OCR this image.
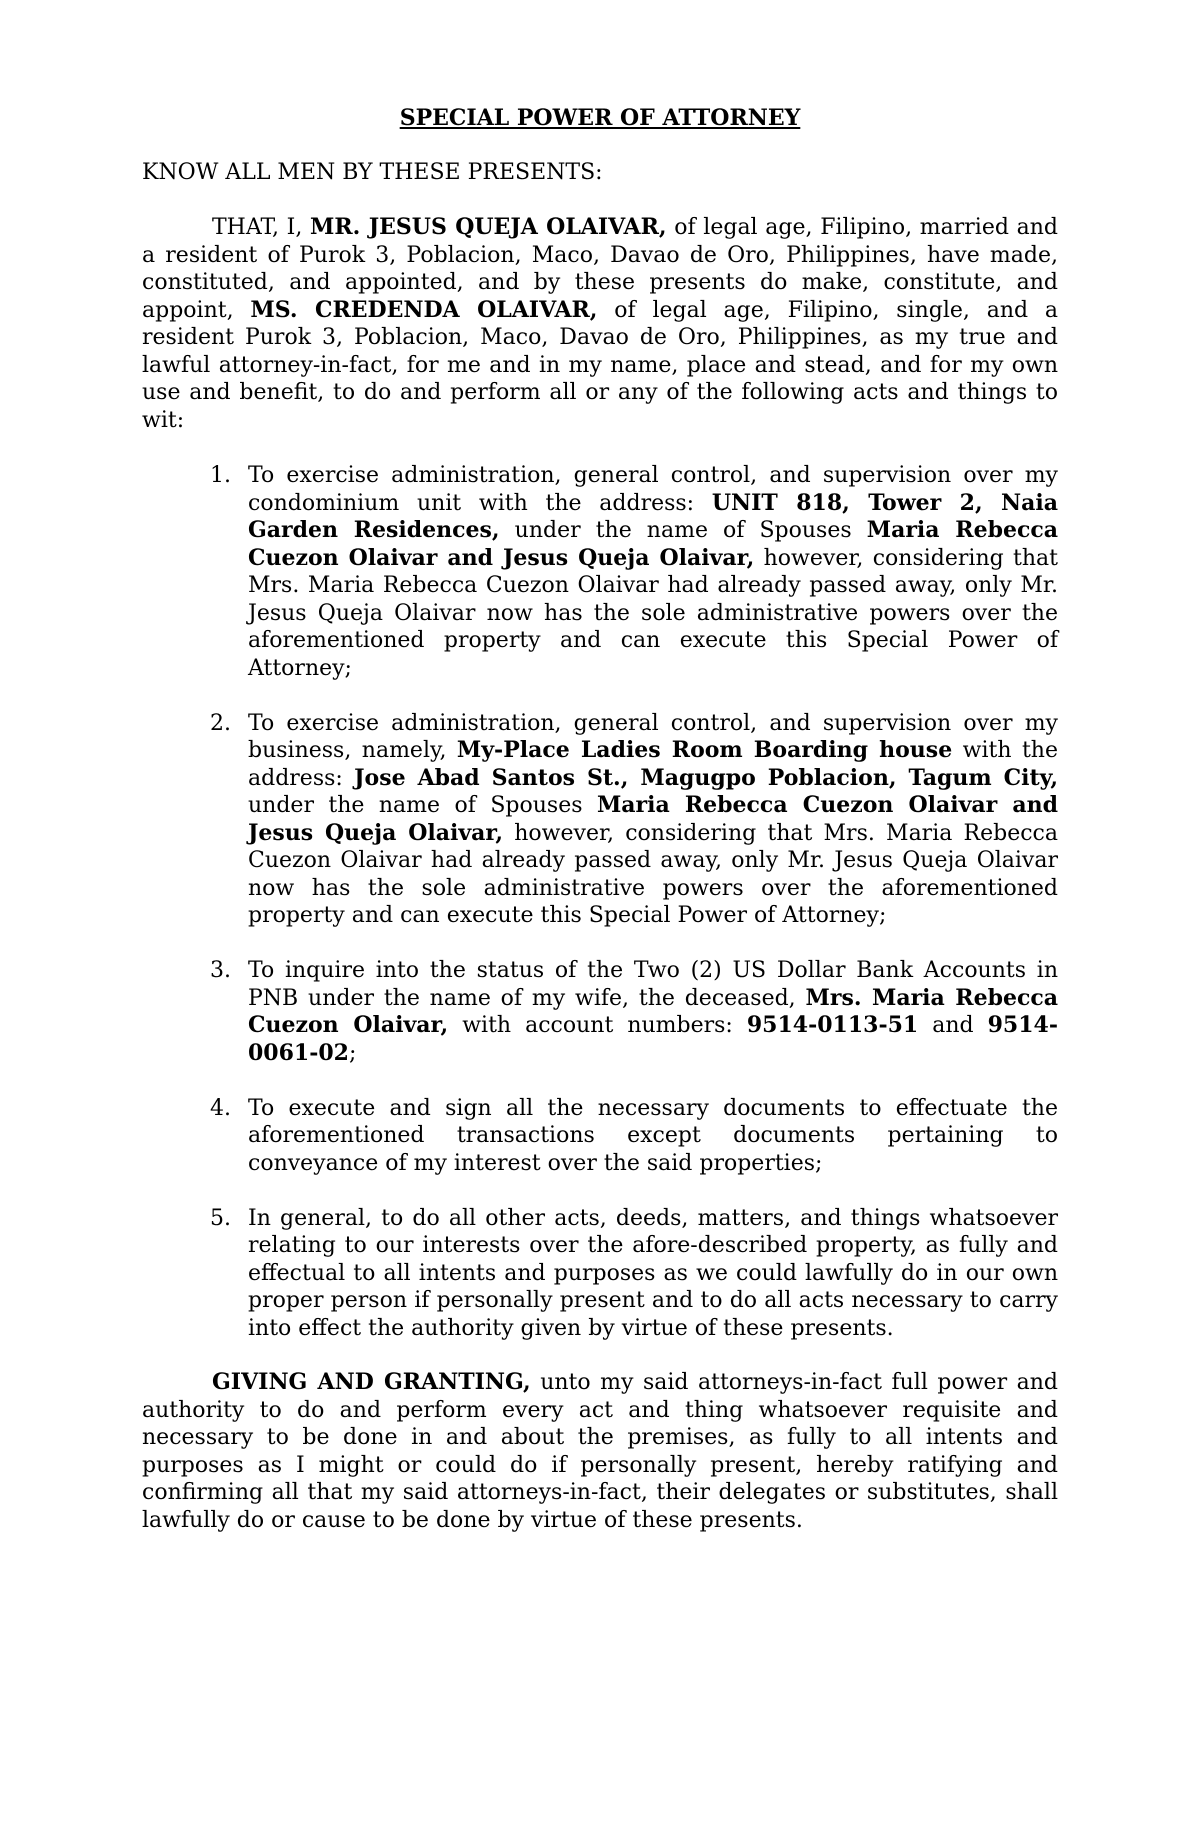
SPECIAL POWER OF ATTORNEY
KNOW ALL MEN BY THESE PRESENTS:

THAT, I, MR. JESUS QUEJA OLAIVAR, of legal age, Filipino, married and a resident of Purok 3, Poblacion, Maco, Davao de Oro, Philippines, have made, constituted, and appointed, and by these presents do make, constitute, and appoint, MS. CREDENDA OLAIVAR, of legal age, Filipino, single, and a resident Purok 3, Poblacion, Maco, Davao de Oro, Philippines, as my true and lawful attorney-in-fact, for me and in my name, place and stead, and for my own use and benefit, to do and perform all or any of the following acts and things to wit:

1. To exercise administration, general control, and supervision over my condominium unit with the address: UNIT 818, Tower 2, Naia Garden Residences, under the name of Spouses Maria Rebecca Cuezon Olaivar and Jesus Queja Olaivar, however, considering that Mrs. Maria Rebecca Cuezon Olaivar had already passed away, only Mr. Jesus Queja Olaivar now has the sole administrative powers over the aforementioned property and can execute this Special Power of Attorney;
2. To exercise administration, general control, and supervision over my business, namely, My-Place Ladies Room Boarding house with the address: Jose Abad Santos St., Magugpo Poblacion, Tagum City, under the name of Spouses Maria Rebecca Cuezon Olaivar and Jesus Queja Olaivar, however, considering that Mrs. Maria Rebecca Cuezon Olaivar had already passed away, only Mr. Jesus Queja Olaivar now has the sole administrative powers over the aforementioned property and can execute this Special Power of Attorney;
3. To inquire into the status of the Two (2) US Dollar Bank Accounts in PNB under the name of my wife, the deceased, Mrs. Maria Rebecca Cuezon Olaivar, with account numbers: 9514-0113-51 and 9514-0061-02;
4. To execute and sign all the necessary documents to effectuate the aforementioned transactions except documents pertaining to conveyance of my interest over the said properties;
5. In general, to do all other acts, deeds, matters, and things whatsoever relating to our interests over the afore-described property, as fully and effectual to all intents and purposes as we could lawfully do in our own proper person if personally present and to do all acts necessary to carry into effect the authority given by virtue of these presents.

GIVING AND GRANTING, unto my said attorneys-in-fact full power and authority to do and perform every act and thing whatsoever requisite and necessary to be done in and about the premises, as fully to all intents and purposes as I might or could do if personally present, hereby ratifying and confirming all that my said attorneys-in-fact, their delegates or substitutes, shall lawfully do or cause to be done by virtue of these presents.
